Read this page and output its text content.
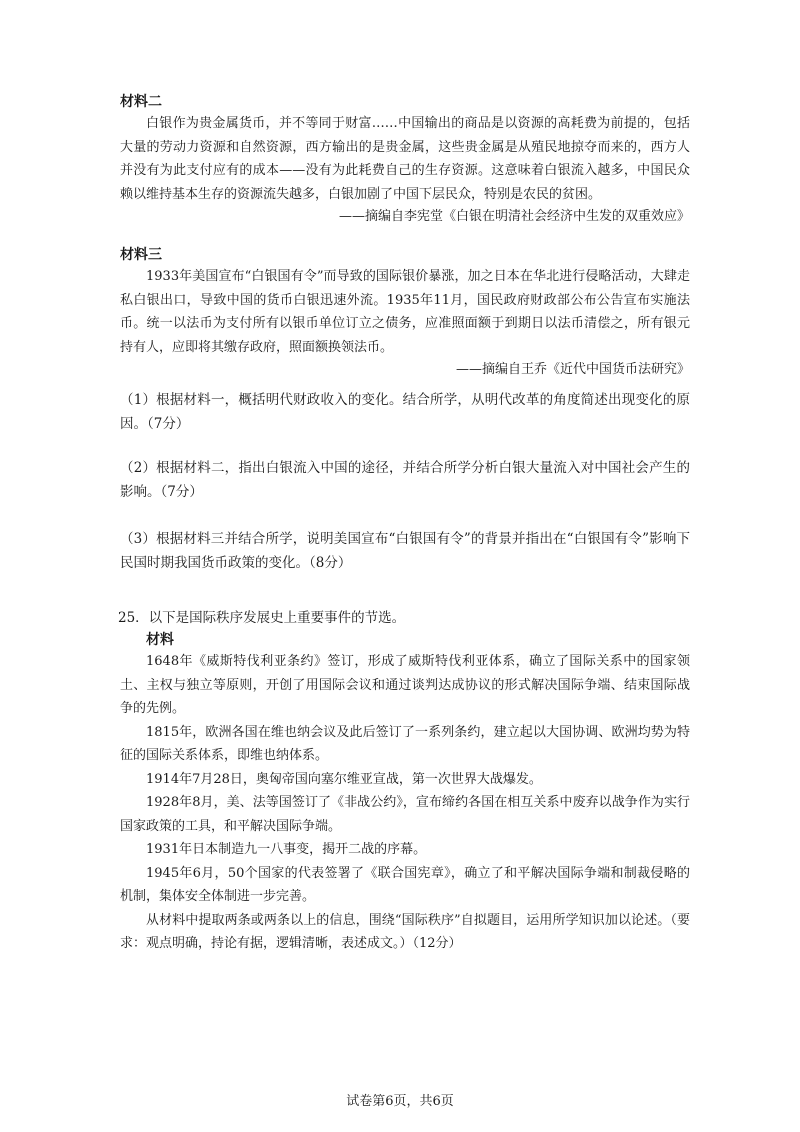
材料二

白银作为贵金属货币，并不等同于财富……中国输出的商品是以资源的高耗费为前提的，包括大量的劳动力资源和自然资源，西方输出的是贵金属，这些贵金属是从殖民地掠夺而来的，西方人并没有为此支付应有的成本——没有为此耗费自己的生存资源。这意味着白银流入越多，中国民众赖以维持基本生存的资源流失越多，白银加剧了中国下层民众，特别是农民的贫困。

——摘编自李宪堂《白银在明清社会经济中生发的双重效应》

材料三

1933年美国宣布“白银国有令”而导致的国际银价暴涨，加之日本在华北进行侵略活动，大肆走私白银出口，导致中国的货币白银迅速外流。1935年11月，国民政府财政部公布公告宣布实施法币。统一以法币为支付所有以银币单位订立之债务，应准照面额于到期日以法币清偿之，所有银元持有人，应即将其缴存政府，照面额换领法币。

——摘编自王乔《近代中国货币法研究》

（1）根据材料一，概括明代财政收入的变化。结合所学，从明代改革的角度简述出现变化的原因。（7分）

（2）根据材料二，指出白银流入中国的途径，并结合所学分析白银大量流入对中国社会产生的影响。（7分）

（3）根据材料三并结合所学，说明美国宣布“白银国有令”的背景并指出在“白银国有令”影响下民国时期我国货币政策的变化。（8分）

25．以下是国际秩序发展史上重要事件的节选。

材料

1648年《威斯特伐利亚条约》签订，形成了威斯特伐利亚体系，确立了国际关系中的国家领土、主权与独立等原则，开创了用国际会议和通过谈判达成协议的形式解决国际争端、结束国际战争的先例。

1815年，欧洲各国在维也纳会议及此后签订了一系列条约，建立起以大国协调、欧洲均势为特征的国际关系体系，即维也纳体系。

1914年7月28日，奥匈帝国向塞尔维亚宣战，第一次世界大战爆发。

1928年8月，美、法等国签订了《非战公约》，宣布缔约各国在相互关系中废弃以战争作为实行国家政策的工具，和平解决国际争端。

1931年日本制造九一八事变，揭开二战的序幕。

1945年6月，50个国家的代表签署了《联合国宪章》，确立了和平解决国际争端和制裁侵略的机制，集体安全体制进一步完善。

从材料中提取两条或两条以上的信息，围绕“国际秩序”自拟题目，运用所学知识加以论述。（要求：观点明确，持论有据，逻辑清晰，表述成文。）（12分）

试卷第6页，共6页
